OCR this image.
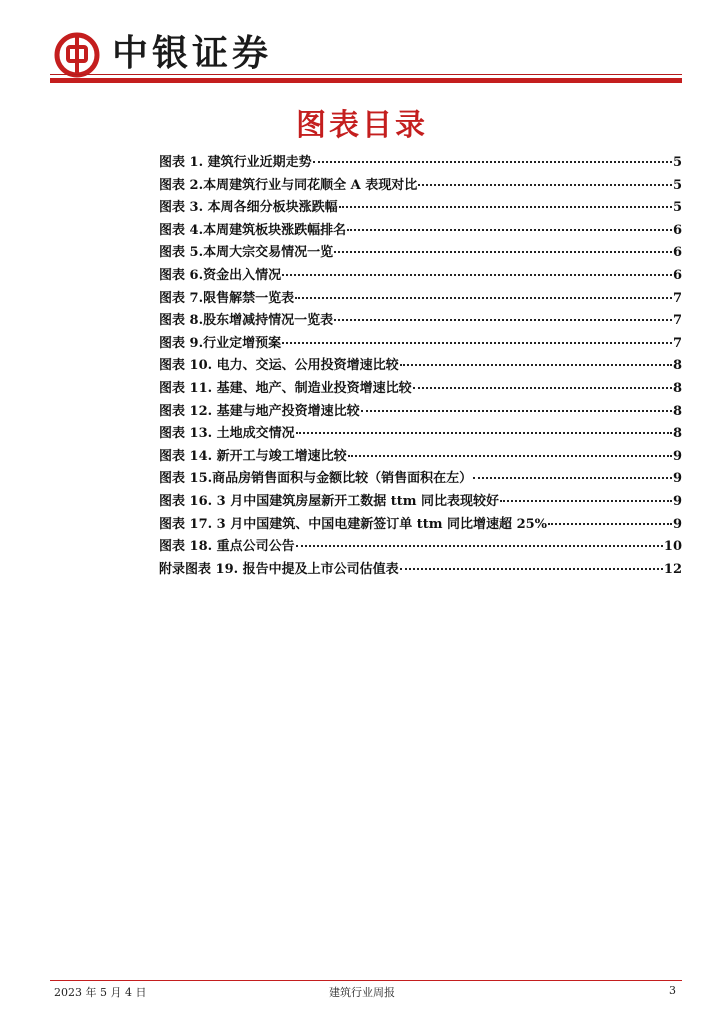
中银证券
图表目录
图表 1. 建筑行业近期走势	5
图表 2.本周建筑行业与同花顺全 A 表现对比	5
图表 3. 本周各细分板块涨跌幅	5
图表 4.本周建筑板块涨跌幅排名	6
图表 5.本周大宗交易情况一览	6
图表 6.资金出入情况	6
图表 7.限售解禁一览表	7
图表 8.股东增减持情况一览表	7
图表 9.行业定增预案	7
图表 10. 电力、交运、公用投资增速比较	8
图表 11. 基建、地产、制造业投资增速比较	8
图表 12. 基建与地产投资增速比较	8
图表 13. 土地成交情况	8
图表 14. 新开工与竣工增速比较	9
图表 15.商品房销售面积与金额比较（销售面积在左）	9
图表 16. 3 月中国建筑房屋新开工数据 ttm 同比表现较好	9
图表 17. 3 月中国建筑、中国电建新签订单 ttm 同比增速超 25%	9
图表 18. 重点公司公告	10
附录图表 19. 报告中提及上市公司估值表	12
2023 年 5 月 4 日	建筑行业周报	3
